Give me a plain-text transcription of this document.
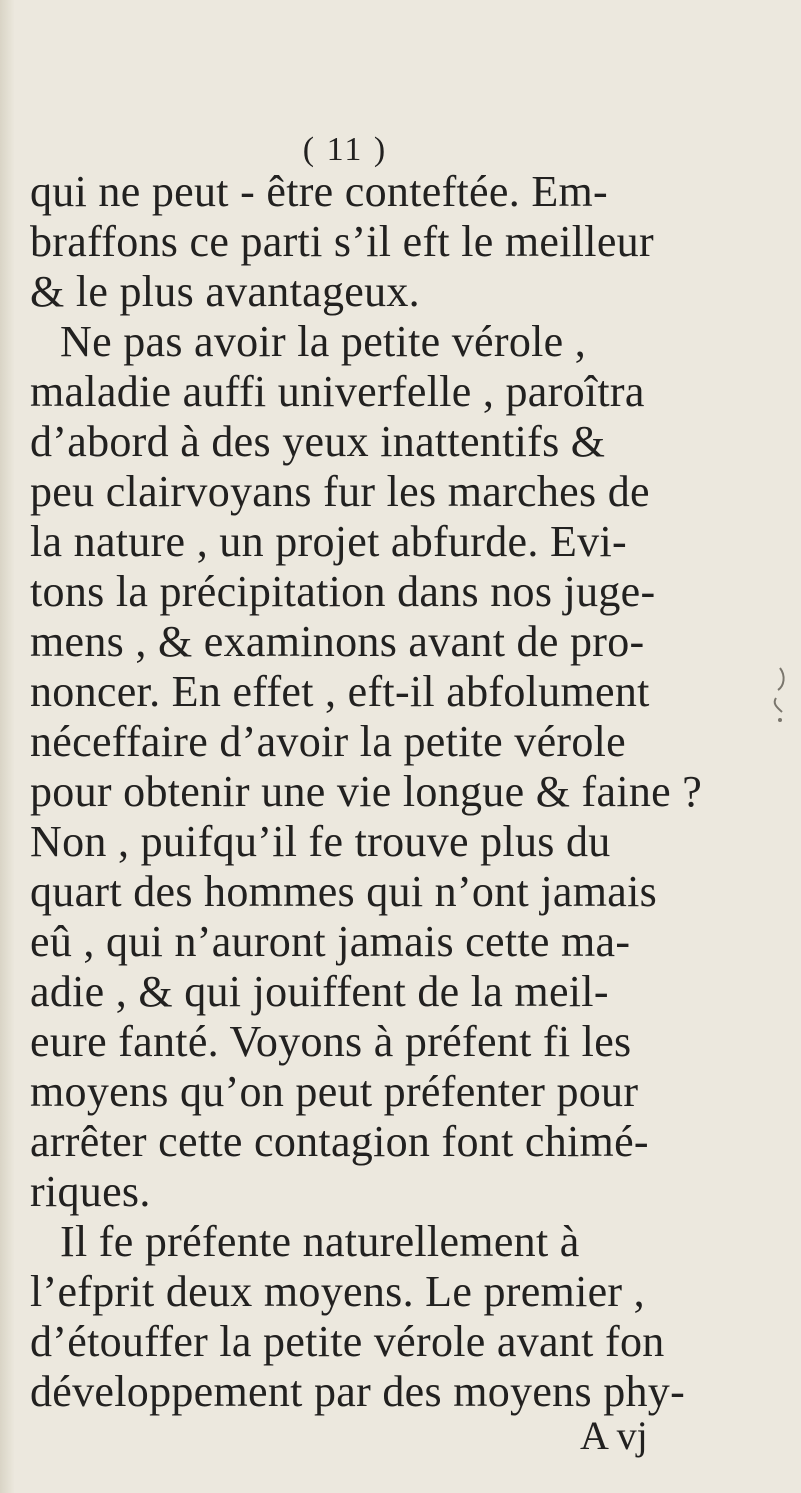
( 11 )
qui ne peut - être conteftée. Em-
braffons ce parti s’il eft le meilleur
& le plus avantageux.
Ne pas avoir la petite vérole ,
maladie auffi univerfelle , paroîtra
d’abord à des yeux inattentifs &
peu clairvoyans fur les marches de
la nature , un projet abfurde. Evi-
tons la précipitation dans nos juge-
mens , & examinons avant de pro-
noncer. En effet , eft-il abfolument
néceffaire d’avoir la petite vérole
pour obtenir une vie longue & faine ?
Non , puifqu’il fe trouve plus du
quart des hommes qui n’ont jamais
eû , qui n’auront jamais cette ma-
adie , & qui jouiffent de la meil-
eure fanté. Voyons à préfent fi les
moyens qu’on peut préfenter pour
arrêter cette contagion font chimé-
riques.
Il fe préfente naturellement à
l’efprit deux moyens. Le premier ,
d’étouffer la petite vérole avant fon
développement par des moyens phy-
A vj
